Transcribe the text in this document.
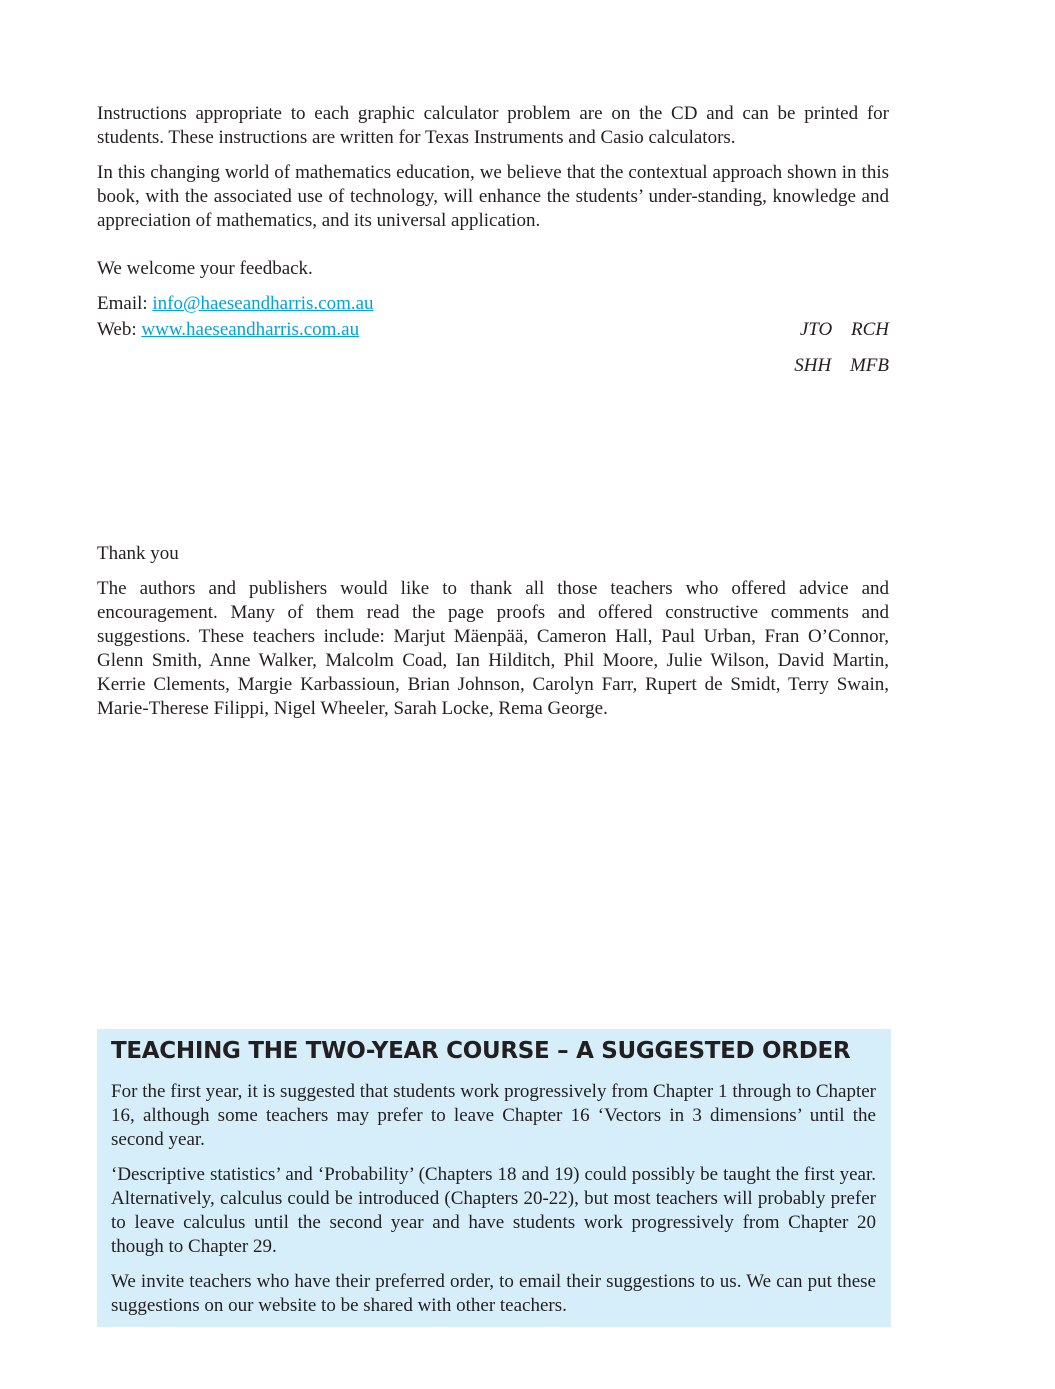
Instructions appropriate to each graphic calculator problem are on the CD and can be printed for students. These instructions are written for Texas Instruments and Casio calculators.

In this changing world of mathematics education, we believe that the contextual approach shown in this book, with the associated use of technology, will enhance the students’ under-standing, knowledge and appreciation of mathematics, and its universal application.

We welcome your feedback.

Email: info@haeseandharris.com.au

Web: www.haeseandharris.com.au	JTO RCH
SHH MFB

Thank you

The authors and publishers would like to thank all those teachers who offered advice and encouragement. Many of them read the page proofs and offered constructive comments and suggestions. These teachers include: Marjut Mäenpää, Cameron Hall, Paul Urban, Fran O’Connor, Glenn Smith, Anne Walker, Malcolm Coad, Ian Hilditch, Phil Moore, Julie Wilson, David Martin, Kerrie Clements, Margie Karbassioun, Brian Johnson, Carolyn Farr, Rupert de Smidt, Terry Swain, Marie-Therese Filippi, Nigel Wheeler, Sarah Locke, Rema George.

TEACHING THE TWO-YEAR COURSE – A SUGGESTED ORDER

For the first year, it is suggested that students work progressively from Chapter 1 through to Chapter 16, although some teachers may prefer to leave Chapter 16 ‘Vectors in 3 dimensions’ until the second year.

‘Descriptive statistics’ and ‘Probability’ (Chapters 18 and 19) could possibly be taught the first year. Alternatively, calculus could be introduced (Chapters 20-22), but most teachers will probably prefer to leave calculus until the second year and have students work progressively from Chapter 20 though to Chapter 29.

We invite teachers who have their preferred order, to email their suggestions to us. We can put these suggestions on our website to be shared with other teachers.
